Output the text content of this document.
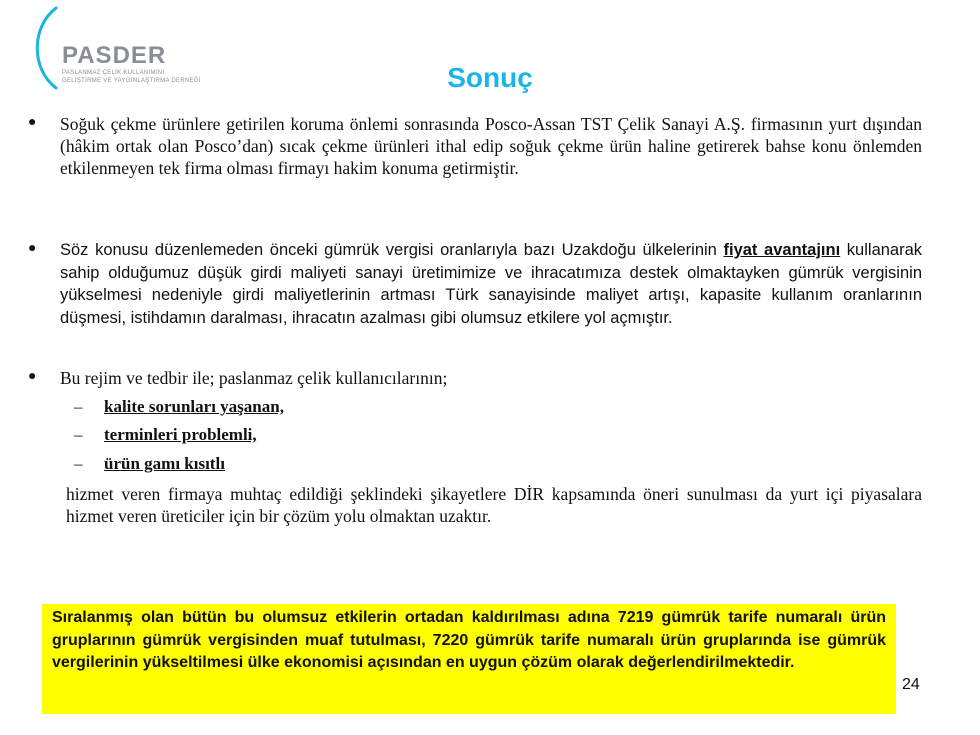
PASDER
PASLANMAZ ÇELİK KULLANIMINI
GELİŞTİRME VE YAYGINLAŞTIRMA DERNEĞİ	Sonuç
● Soğuk çekme ürünlere getirilen koruma önlemi sonrasında Posco-Assan TST Çelik Sanayi A.Ş. firmasının yurt dışından (hâkim ortak olan Posco’dan) sıcak çekme ürünleri ithal edip soğuk çekme ürün haline getirerek bahse konu önlemden etkilenmeyen tek firma olması firmayı hakim konuma getirmiştir.

● Söz konusu düzenlemeden önceki gümrük vergisi oranlarıyla bazı Uzakdoğu ülkelerinin fiyat avantajını kullanarak sahip olduğumuz düşük girdi maliyeti sanayi üretimimize ve ihracatımıza destek olmaktayken gümrük vergisinin yükselmesi nedeniyle girdi maliyetlerinin artması Türk sanayisinde maliyet artışı, kapasite kullanım oranlarının düşmesi, istihdamın daralması, ihracatın azalması gibi olumsuz etkilere yol açmıştır.

● Bu rejim ve tedbir ile; paslanmaz çelik kullanıcılarının;

– kalite sorunları yaşanan,

– terminleri problemli,

– ürün gamı kısıtlı

hizmet veren firmaya muhtaç edildiği şeklindeki şikayetlere DİR kapsamında öneri sunulması da yurt içi piyasalara hizmet veren üreticiler için bir çözüm yolu olmaktan uzaktır.

Sıralanmış olan bütün bu olumsuz etkilerin ortadan kaldırılması adına 7219 gümrük tarife numaralı ürün gruplarının gümrük vergisinden muaf tutulması, 7220 gümrük tarife numaralı ürün gruplarında ise gümrük vergilerinin yükseltilmesi ülke ekonomisi açısından en uygun çözüm olarak değerlendirilmektedir.

24
